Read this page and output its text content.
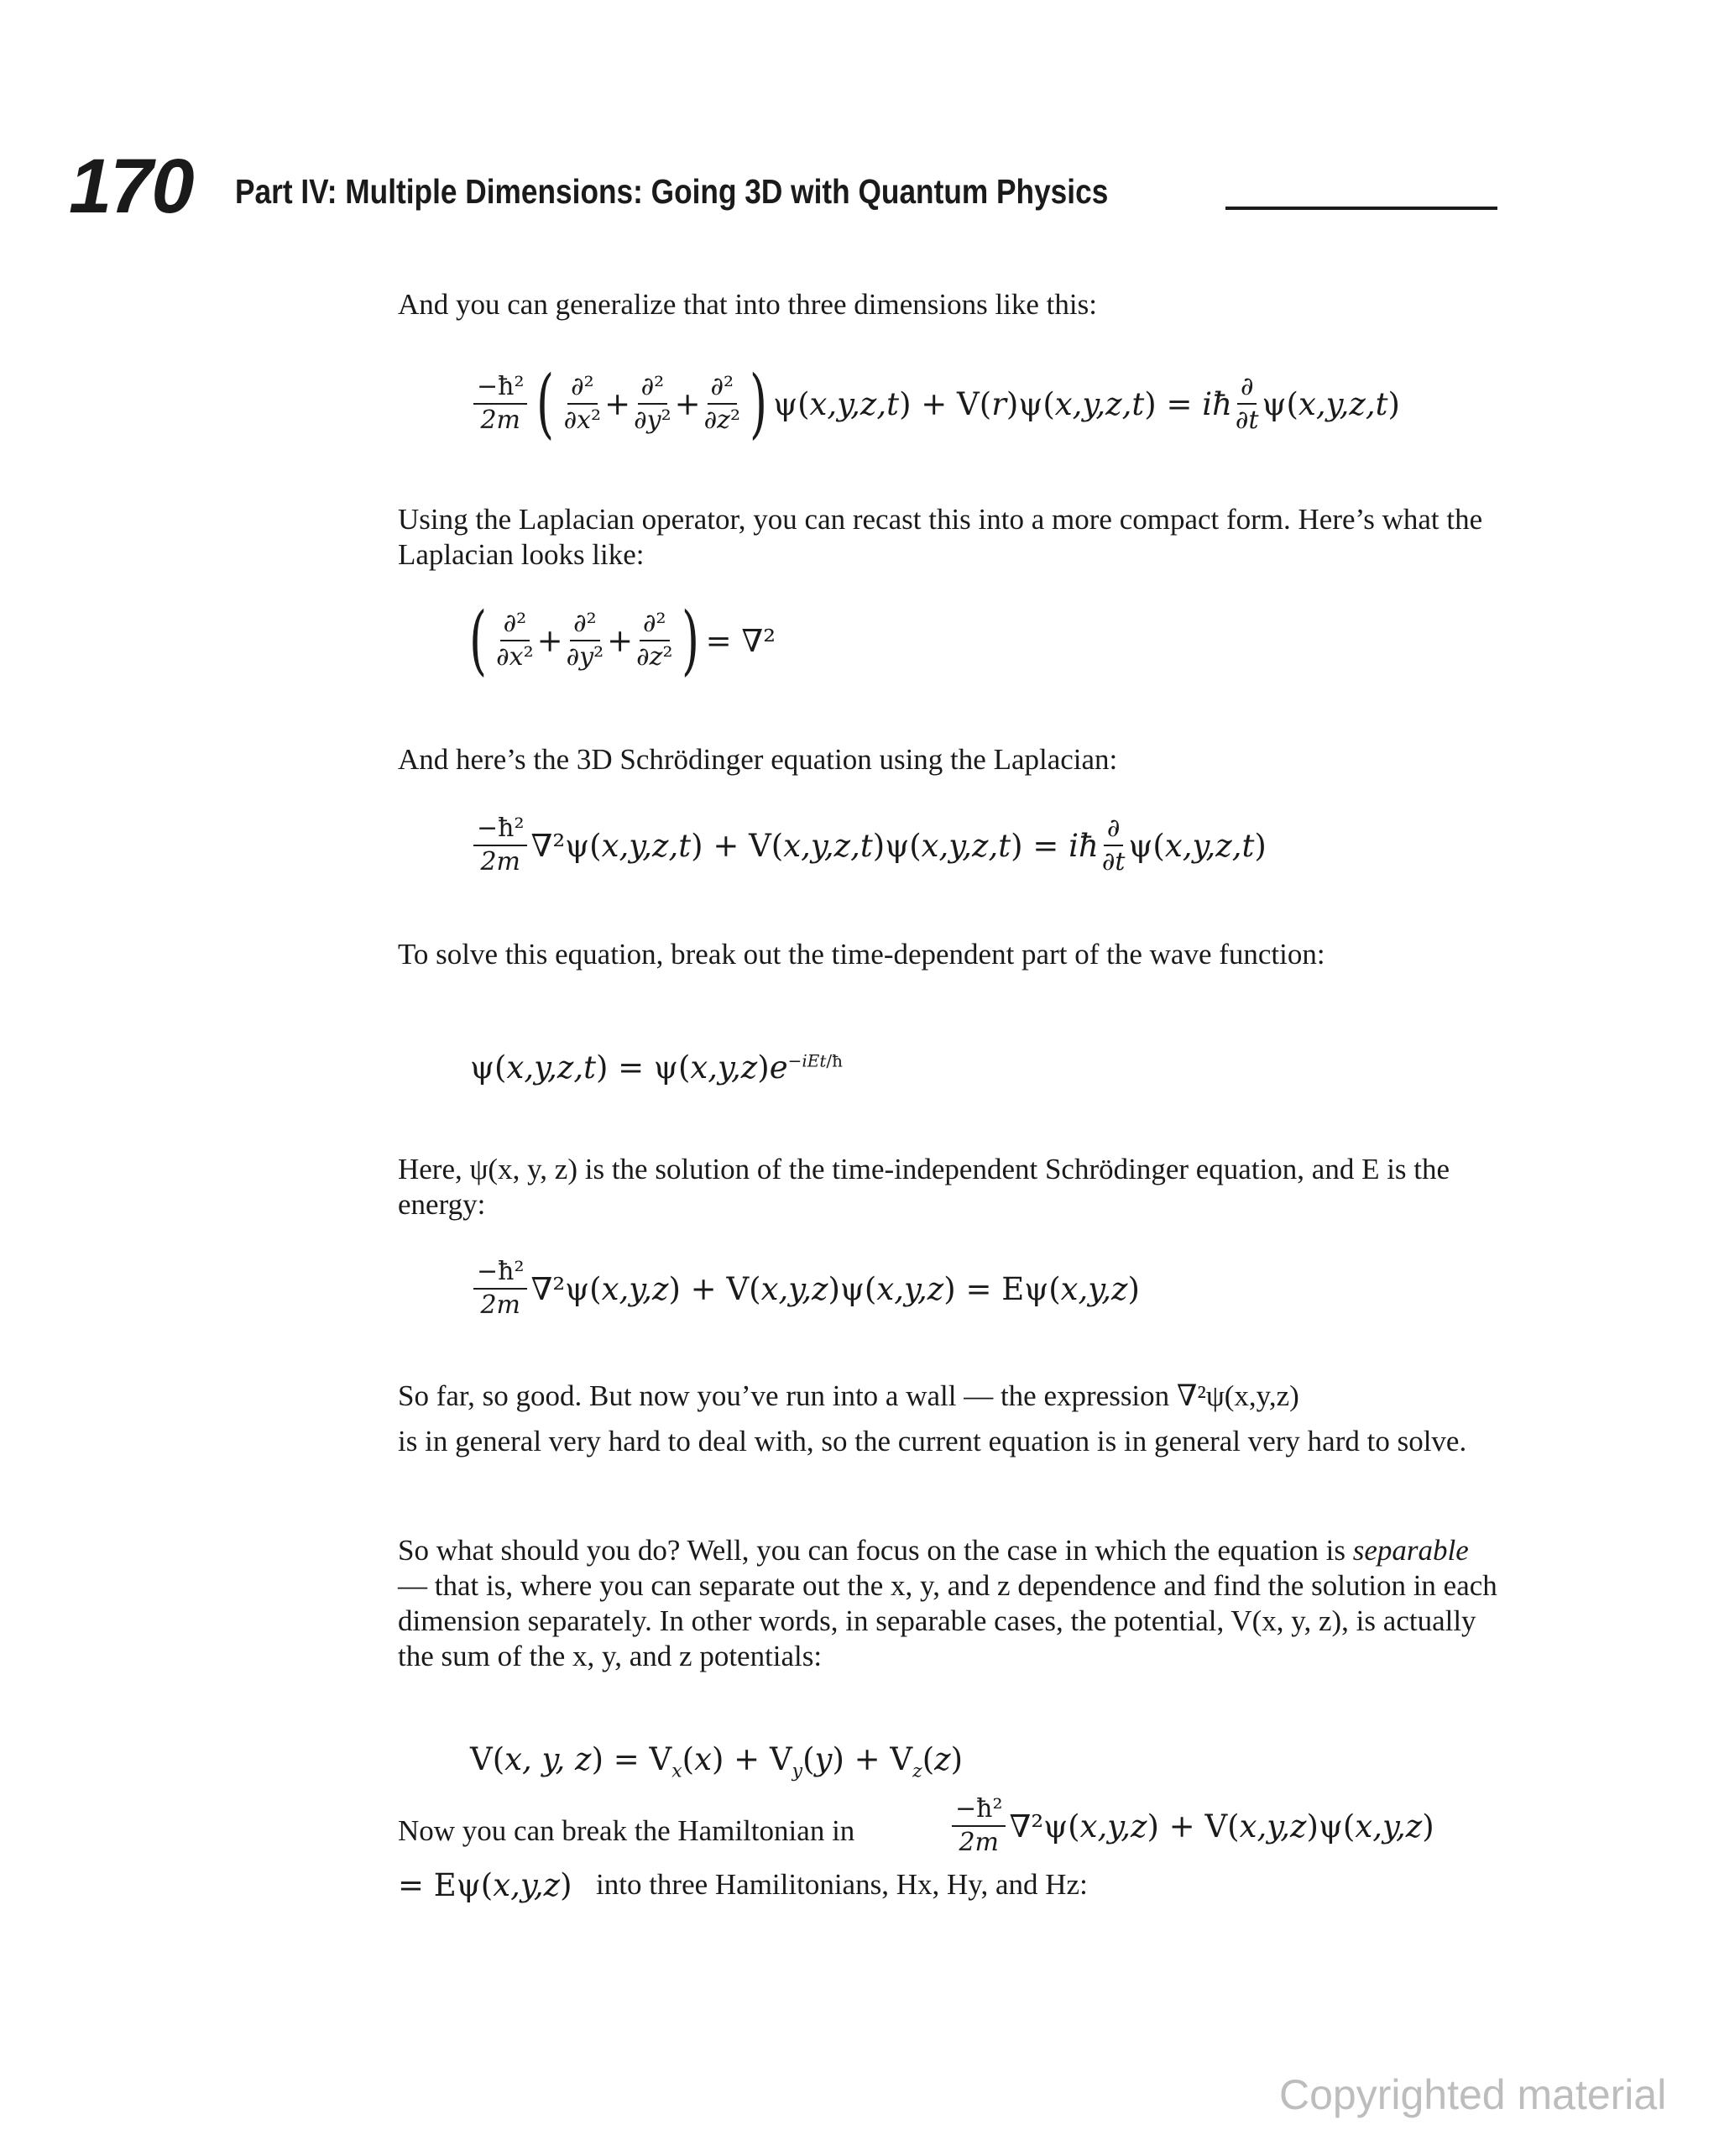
170 Part IV: Multiple Dimensions: Going 3D with Quantum Physics

And you can generalize that into three dimensions like this:

$\frac{\text{−ħ²}}{2m}$ ( $\frac{\text{∂²}}{\text{∂x²}} + \frac{\text{∂²}}{\text{∂y²}} + \frac{\text{∂²}}{\text{∂z²}}$ ) ψ(x,y,z,t) + V(r)ψ(x,y,z,t) = iħ $\frac{\partial}{\partial t} \psi(x,y,z,t)$

Using the Laplacian operator, you can recast this into a more compact form. Here’s what the Laplacian looks like:

( $\frac{\text{∂²}}{\text{∂x²}} + \frac{\text{∂²}}{\text{∂y²}} + \frac{\text{∂²}}{\text{∂z²}}$ ) = ∇²

And here’s the 3D Schrödinger equation using the Laplacian:

$\frac{\text{−ħ²}}{2m} \nabla^2\psi(x,y,z,t) + V(x,y,z,t)\psi(x,y,z,t)$ = iħ $\frac{\partial}{\partial t} \psi(x,y,z,t)$

To solve this equation, break out the time-dependent part of the wave function:

$\psi(x,y,z,t) = \psi(x,y,z)e^{-iEt/ħ}$

Here, ψ(x, y, z) is the solution of the time-independent Schrödinger equation, and E is the energy:

$\frac{\text{−ħ²}}{2m} \nabla^2\psi(x,y,z) + V(x,y,z)\psi(x,y,z) = E\psi(x,y,z)$

So far, so good. But now you’ve run into a wall — the expression ∇²ψ(x,y,z)

is in general very hard to deal with, so the current equation is in general very hard to solve.

So what should you do? Well, you can focus on the case in which the equation is separable — that is, where you can separate out the x, y, and z dependence and find the solution in each dimension separately. In other words, in separable cases, the potential, V(x, y, z), is actually the sum of the x, y, and z potentials:

V(x, y, $z) = V_x(x) + V_y(y) + V_z(z)$

Now you can break the Hamiltonian in	$\frac{\text{−ħ²}}{2m} \nabla^2\psi(x,y,z) + V(x,y,z)\psi(x,y,z)$
= Eψ(x,y,z) into three Hamilitonians, Hx, Hy, and Hz:

Copyrighted material
